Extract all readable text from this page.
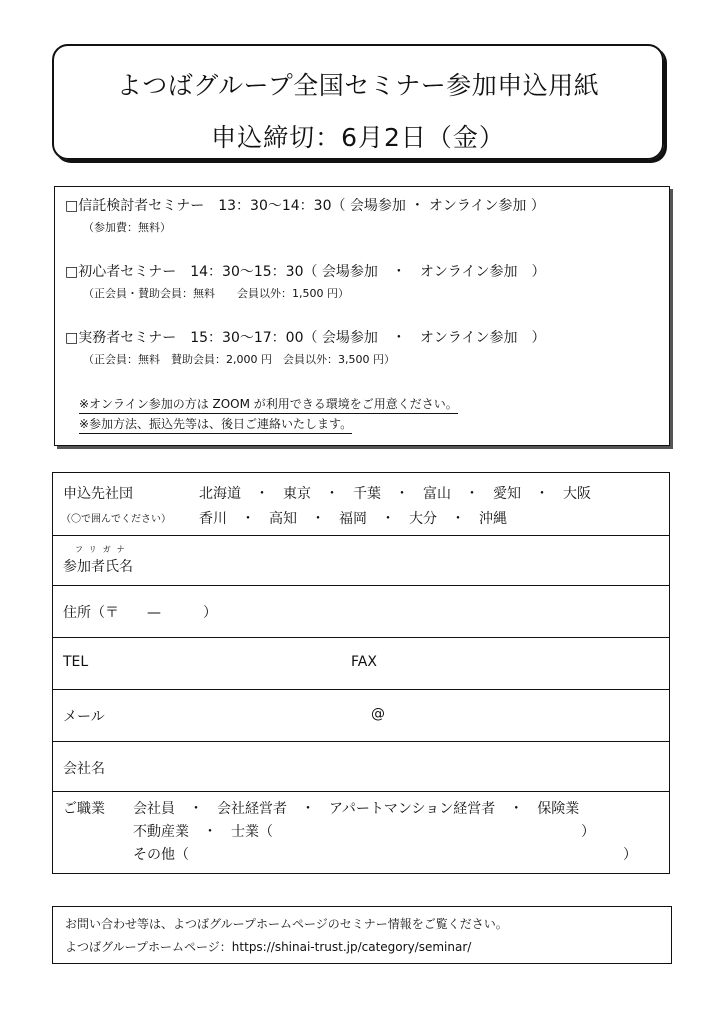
よつばグループ全国セミナー参加申込用紙
申込締切：6月2日（金）
□信託検討者セミナー　13：30〜14：30（ 会場参加 ・ オンライン参加 ）
（参加費：無料）
□初心者セミナー　14：30〜15：30（ 会場参加　・　オンライン参加　）
（正会員・賛助会員：無料　　会員以外：1,500 円）
□実務者セミナー　15：30〜17：00（ 会場参加　・　オンライン参加　）
（正会員：無料　賛助会員：2,000 円　会員以外：3,500 円）
※オンライン参加の方は ZOOM が利用できる環境をご用意ください。
※参加方法、振込先等は、後日ご連絡いたします。
申込先社団
（〇で囲んでください）
北海道　・　東京　・　千葉　・　富山　・　愛知　・　大阪
香川　・　高知　・　福岡　・　大分　・　沖縄
フリガナ
参加者氏名
住所（〒　　—　　　）
TEL	FAX
メール	@
会社名
ご職業 会社員　・　会社経営者　・　アパートマンション経営者　・　保険業
不動産業　・　士業（　　　　　　　　　　　　　　　　　　　　　　）
その他（　　　　　　　　　　　　　　　　　　　　　　　　　　　　　　　）
お問い合わせ等は、よつばグループホームページのセミナー情報をご覧ください。
よつばグループホームページ：https://shinai-trust.jp/category/seminar/
